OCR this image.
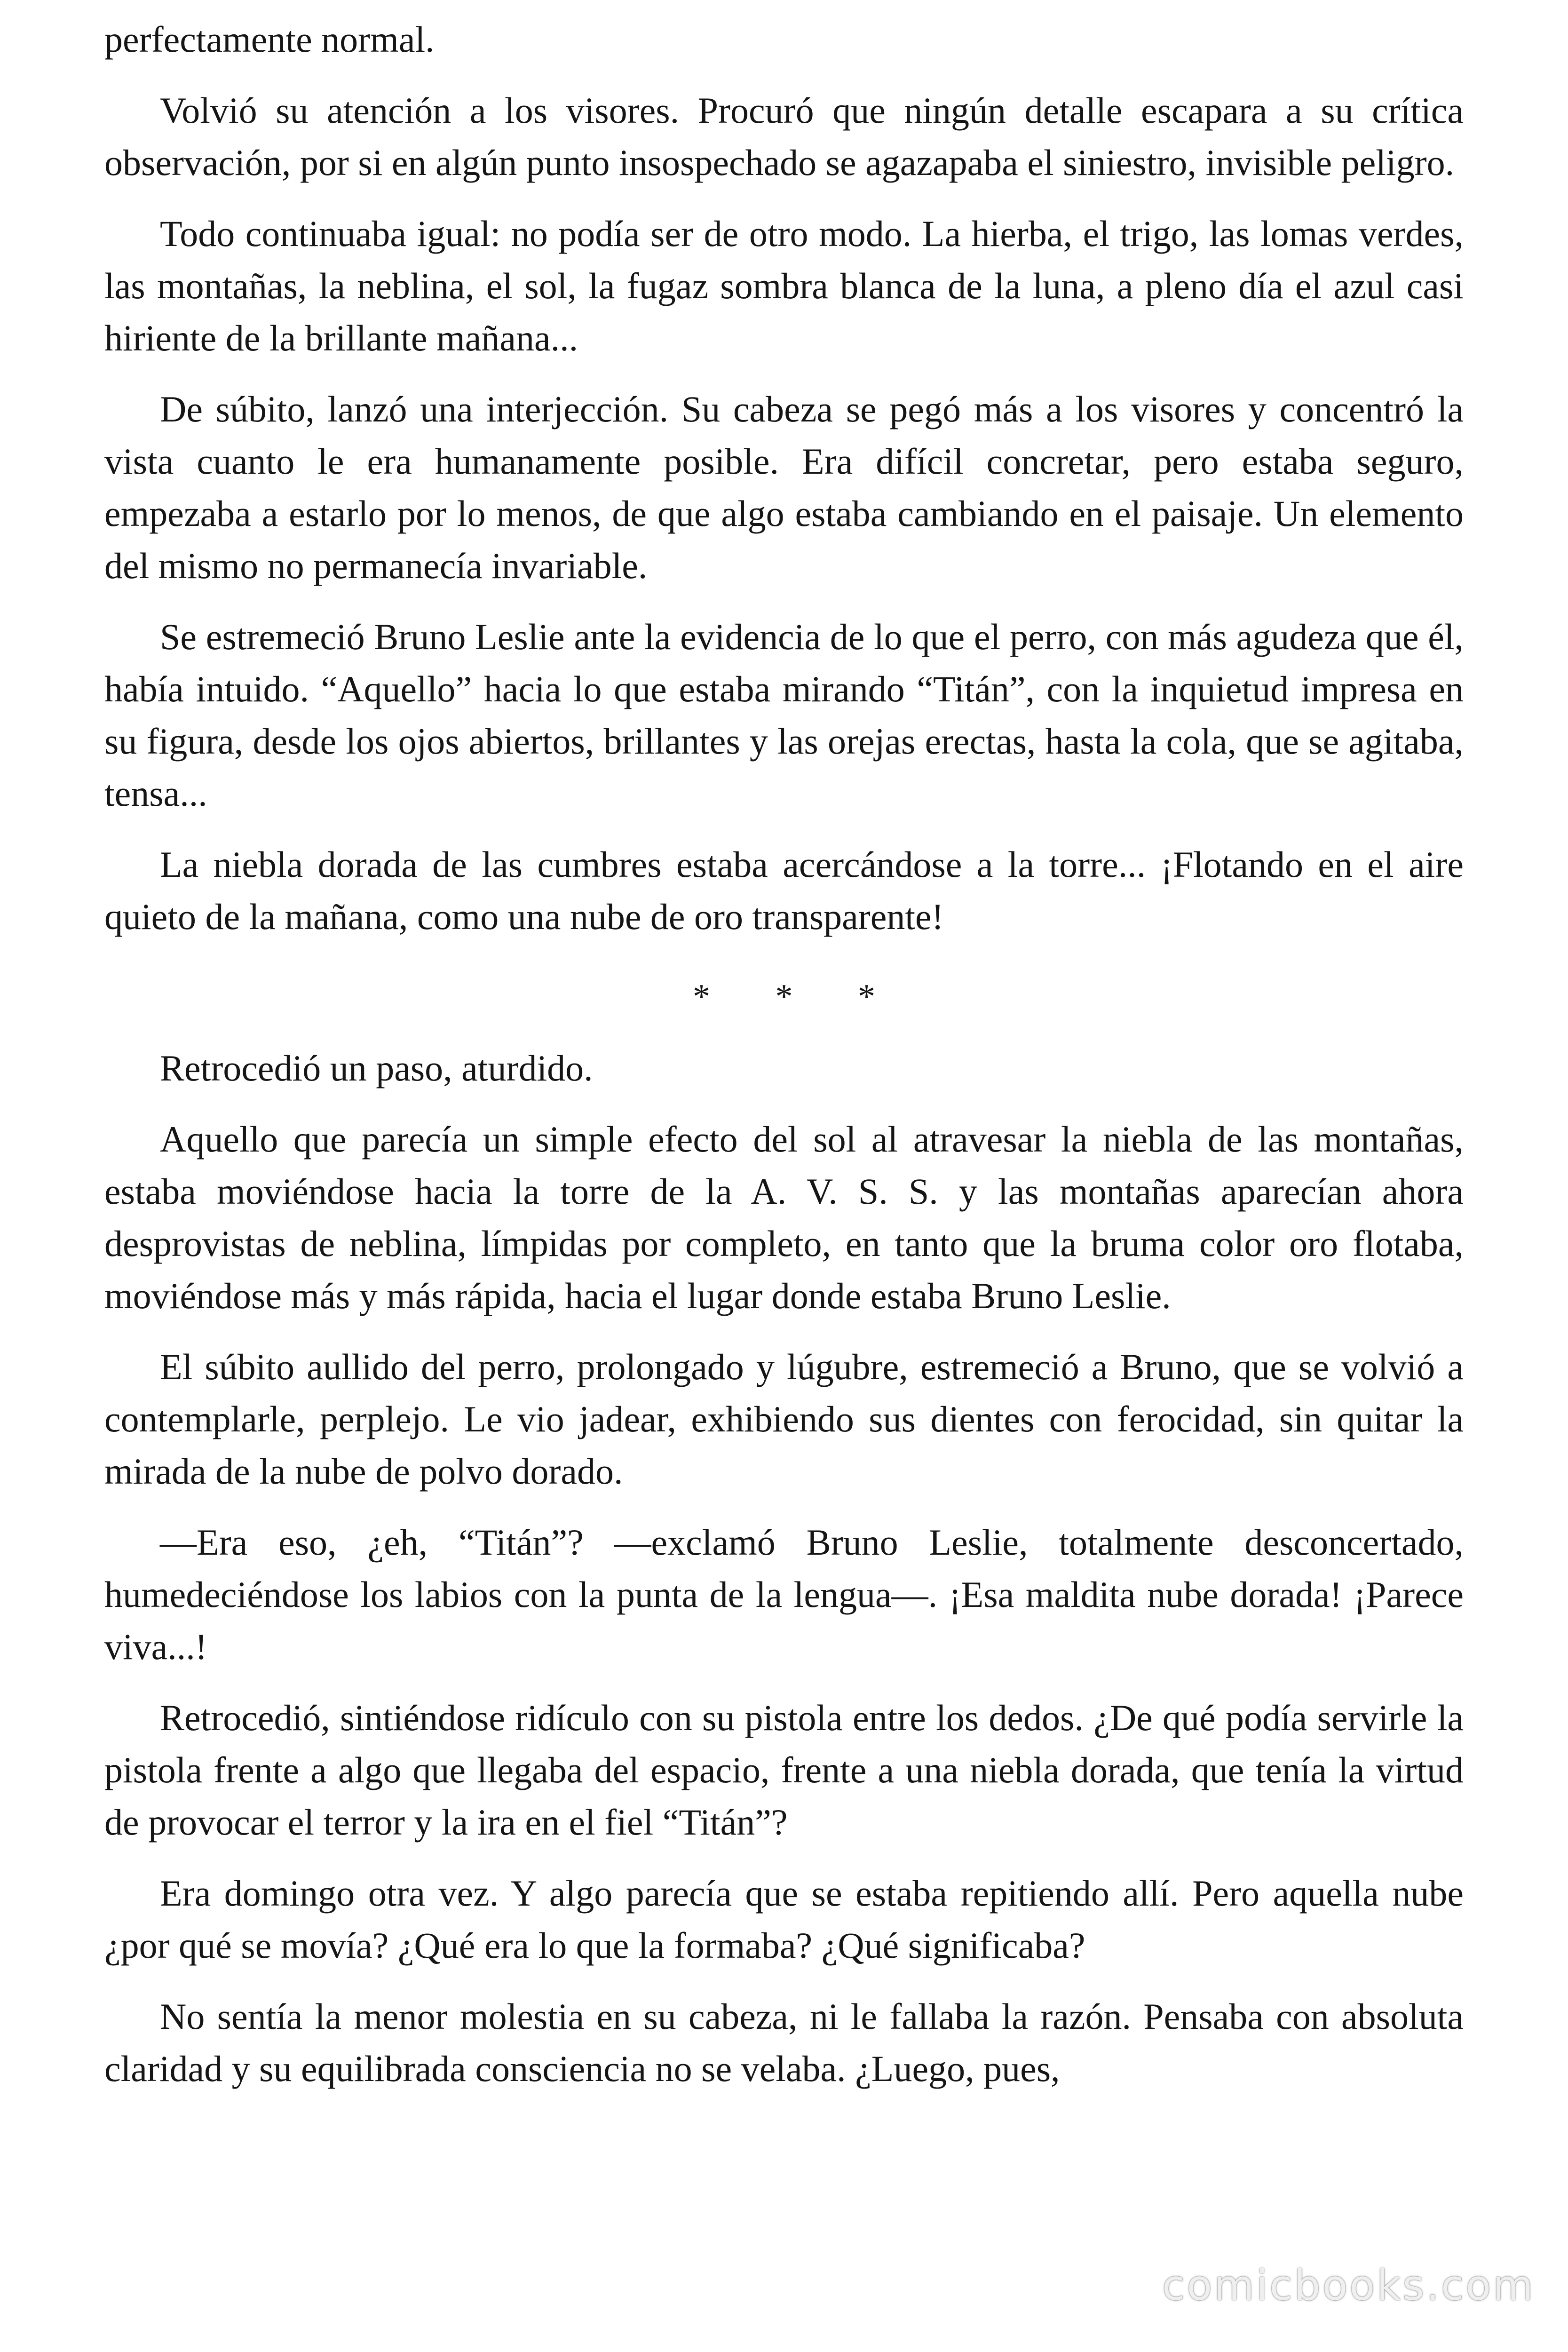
perfectamente normal.

Volvió su atención a los visores. Procuró que ningún detalle escapara a su crítica observación, por si en algún punto insospechado se agazapaba el siniestro, invisible peligro.

Todo continuaba igual: no podía ser de otro modo. La hierba, el trigo, las lomas verdes, las montañas, la neblina, el sol, la fugaz sombra blanca de la luna, a pleno día el azul casi hiriente de la brillante mañana...

De súbito, lanzó una interjección. Su cabeza se pegó más a los visores y concentró la vista cuanto le era humanamente posible. Era difícil concretar, pero estaba seguro, empezaba a estarlo por lo menos, de que algo estaba cambiando en el paisaje. Un elemento del mismo no permanecía invariable.

Se estremeció Bruno Leslie ante la evidencia de lo que el perro, con más agudeza que él, había intuido. “Aquello” hacia lo que estaba mirando “Titán”, con la inquietud impresa en su figura, desde los ojos abiertos, brillantes y las orejas erectas, hasta la cola, que se agitaba, tensa...

La niebla dorada de las cumbres estaba acercándose a la torre... ¡Flotando en el aire quieto de la mañana, como una nube de oro transparente!

* * *

Retrocedió un paso, aturdido.

Aquello que parecía un simple efecto del sol al atravesar la niebla de las montañas, estaba moviéndose hacia la torre de la A. V. S. S. y las montañas aparecían ahora desprovistas de neblina, límpidas por completo, en tanto que la bruma color oro flotaba, moviéndose más y más rápida, hacia el lugar donde estaba Bruno Leslie.

El súbito aullido del perro, prolongado y lúgubre, estremeció a Bruno, que se volvió a contemplarle, perplejo. Le vio jadear, exhibiendo sus dientes con ferocidad, sin quitar la mirada de la nube de polvo dorado.

—Era eso, ¿eh, “Titán”? —exclamó Bruno Leslie, totalmente desconcertado, humedeciéndose los labios con la punta de la lengua—. ¡Esa maldita nube dorada! ¡Parece viva...!

Retrocedió, sintiéndose ridículo con su pistola entre los dedos. ¿De qué podía servirle la pistola frente a algo que llegaba del espacio, frente a una niebla dorada, que tenía la virtud de provocar el terror y la ira en el fiel “Titán”?

Era domingo otra vez. Y algo parecía que se estaba repitiendo allí. Pero aquella nube ¿por qué se movía? ¿Qué era lo que la formaba? ¿Qué significaba?

No sentía la menor molestia en su cabeza, ni le fallaba la razón. Pensaba con absoluta claridad y su equilibrada consciencia no se velaba. ¿Luego, pues,

comicbooks.com
